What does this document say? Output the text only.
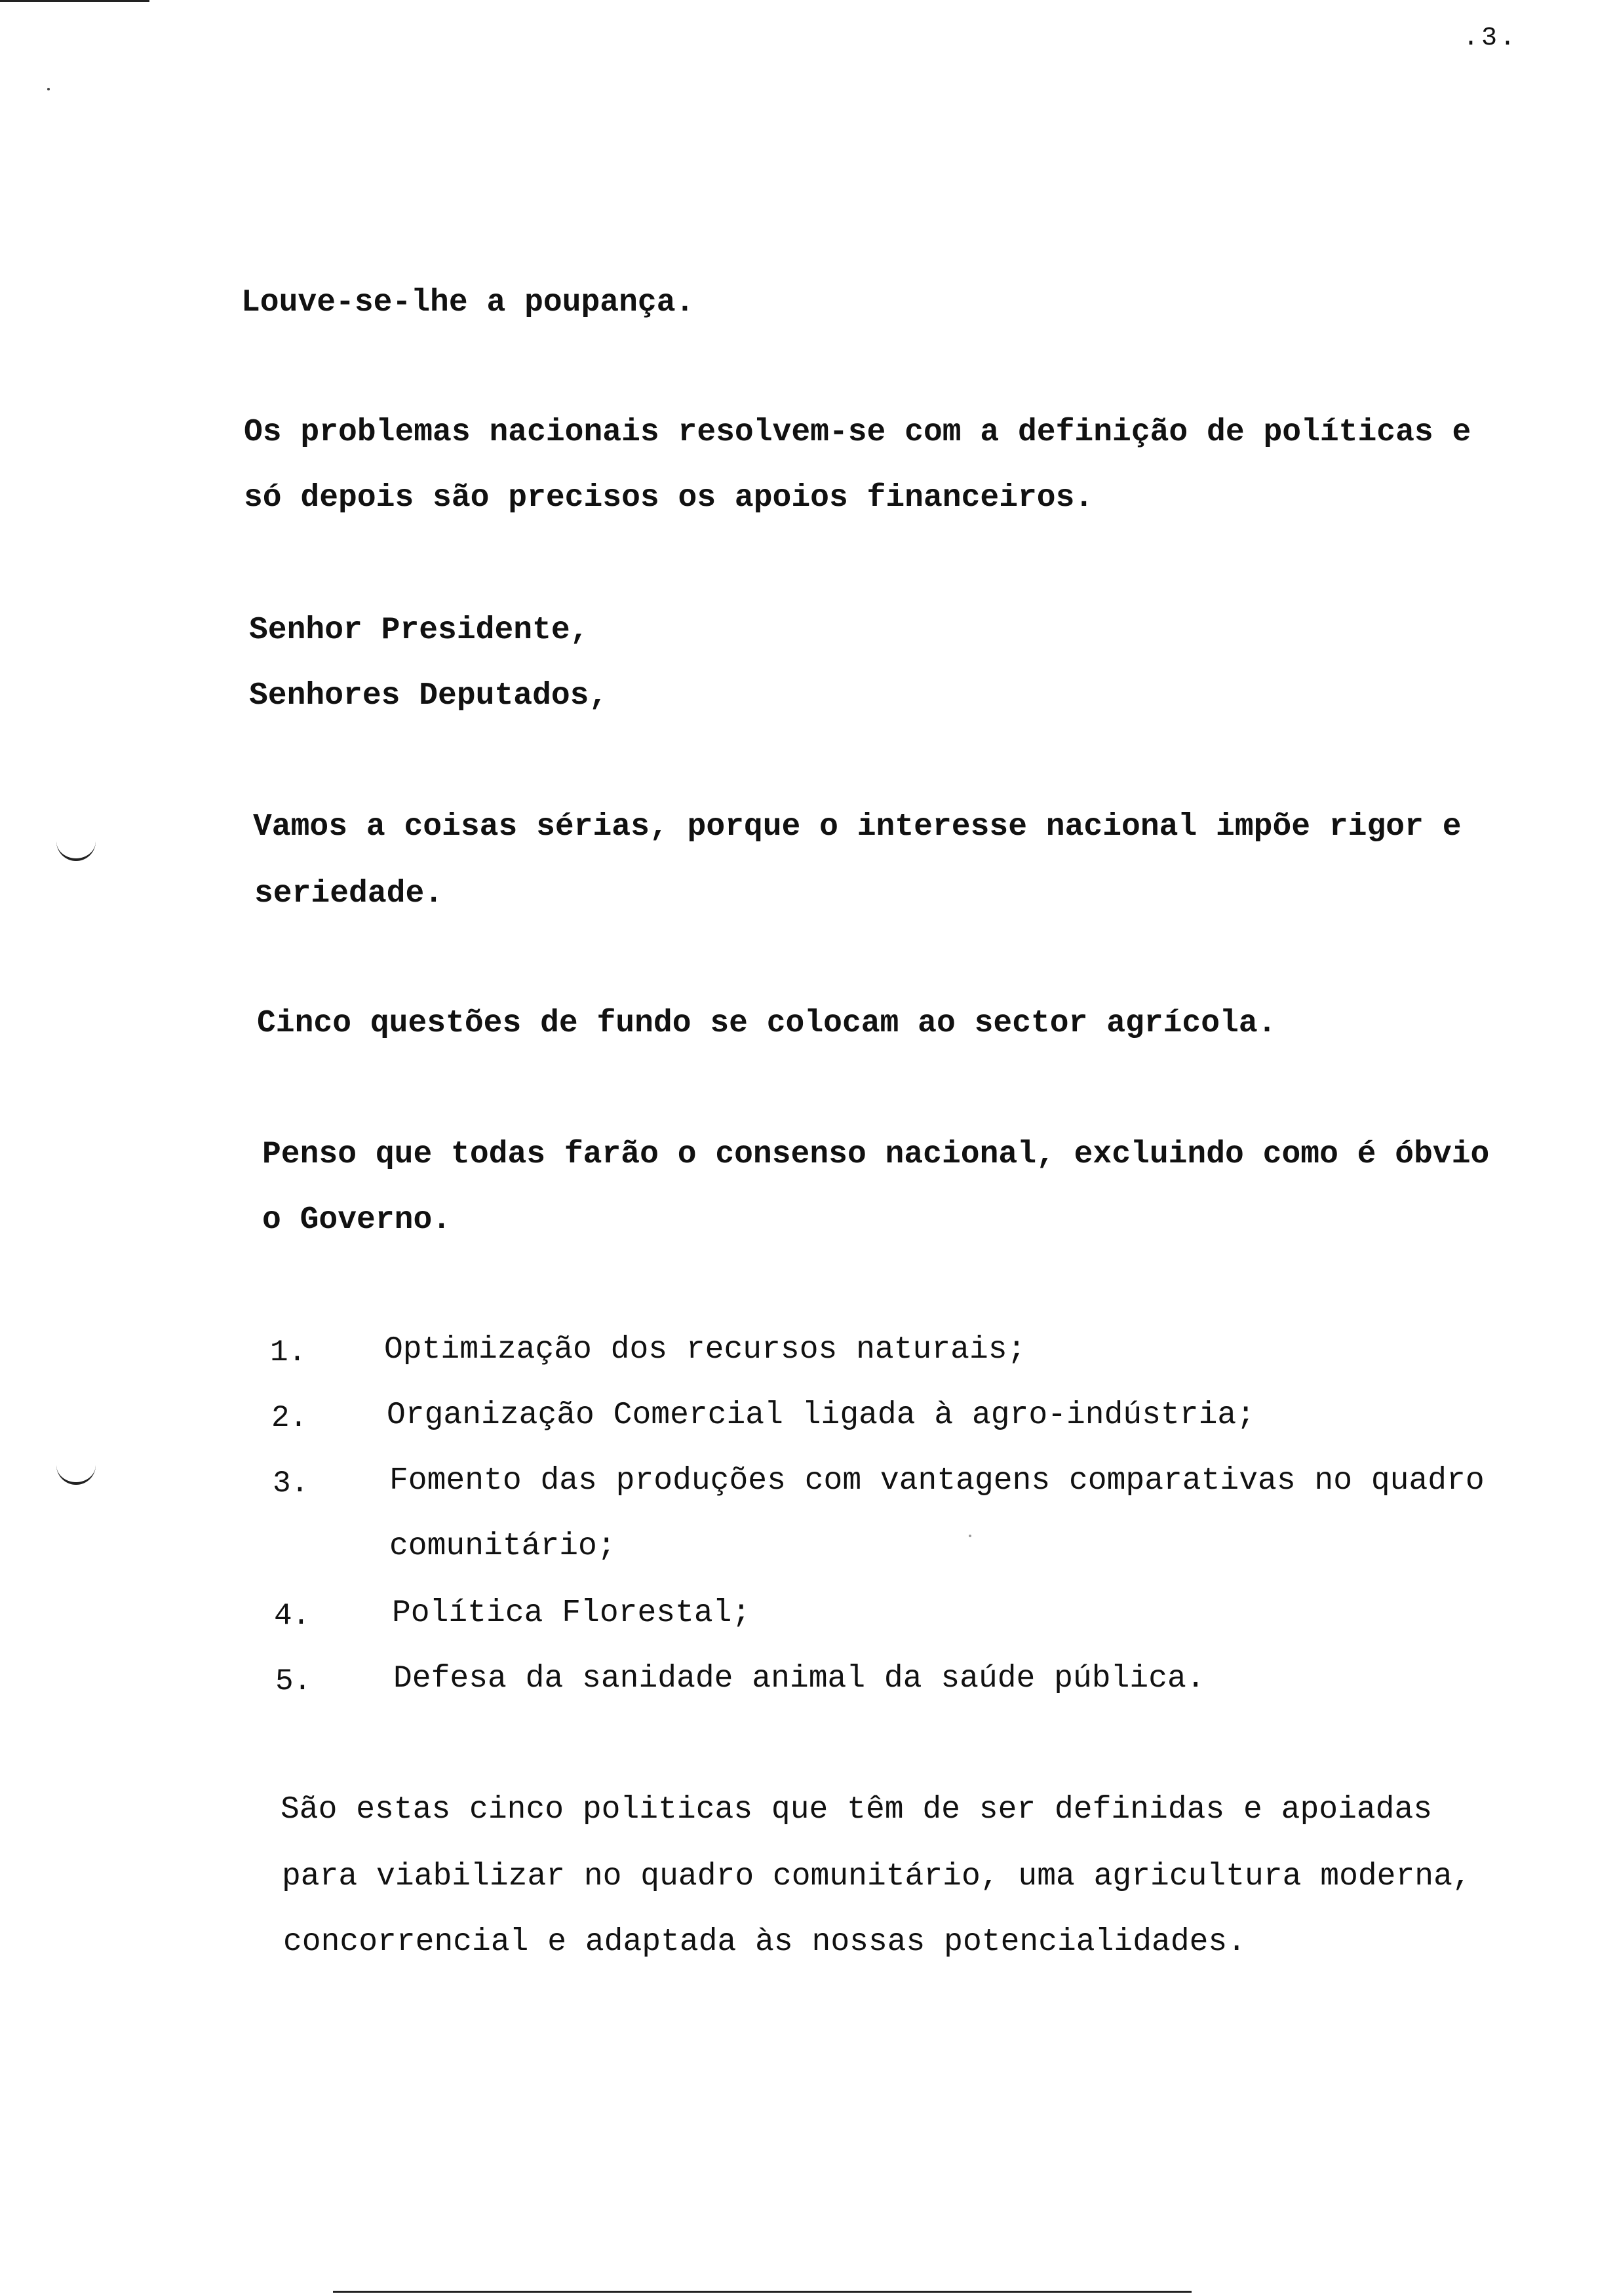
.3.
Louve-se-lhe a poupança.
Os problemas nacionais resolvem-se com a definição de políticas e
só depois são precisos os apoios financeiros.
Senhor Presidente,
Senhores Deputados,
Vamos a coisas sérias, porque o interesse nacional impõe rigor e
seriedade.
Cinco questões de fundo se colocam ao sector agrícola.
Penso que todas farão o consenso nacional, excluindo como é óbvio
o Governo.
1. Optimização dos recursos naturais;
2.	Organização Comercial ligada à agro-indústria;
3.	Fomento das produções com vantagens comparativas no quadro
comunitário;
4.	Política Florestal;
5.	Defesa da sanidade animal da saúde pública.
São estas cinco politicas que têm de ser definidas e apoiadas
para viabilizar no quadro comunitário, uma agricultura moderna,
concorrencial e adaptada às nossas potencialidades.
